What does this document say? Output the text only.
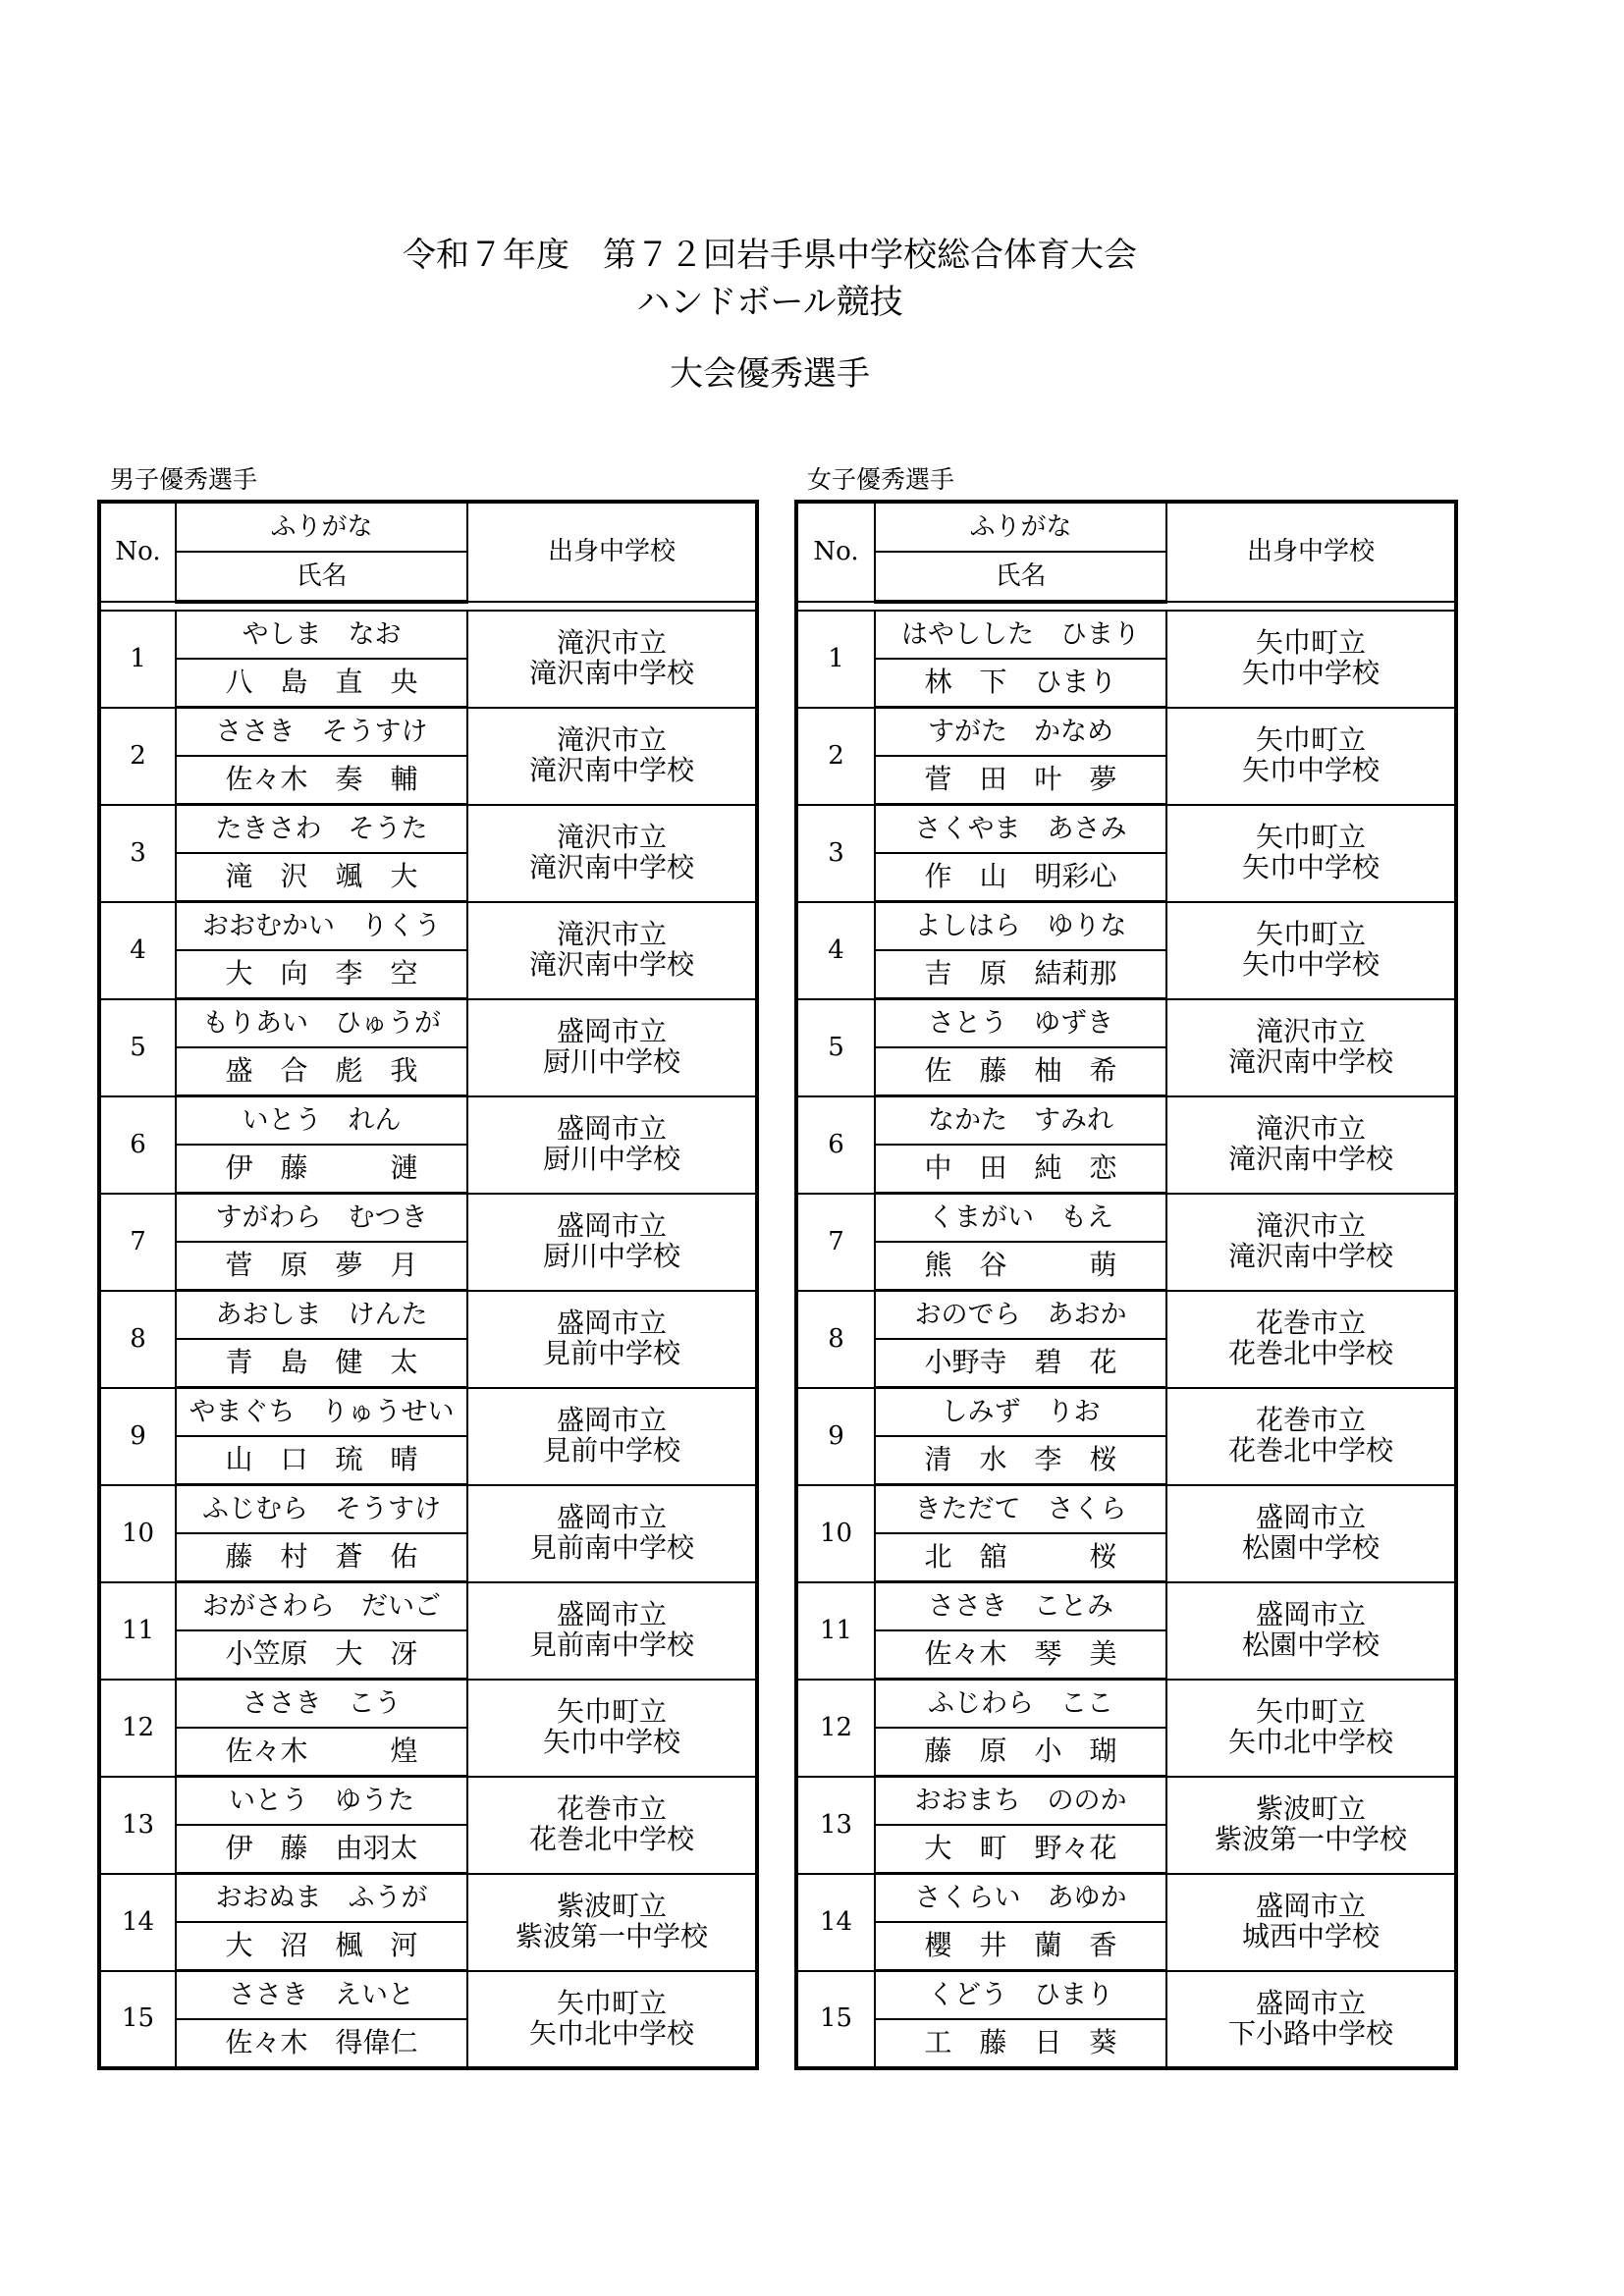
令和７年度　第７２回岩手県中学校総合体育大会
ハンドボール競技
大会優秀選手
男子優秀選手	女子優秀選手
No.	ふりがな	出身中学校
	氏名	

1	やしま　なお	滝沢市立
滝沢南中学校

	八　島　直　央	
2	ささき　そうすけ	滝沢市立
滝沢南中学校

	佐々木　奏　輔	
3	たきさわ　そうた	滝沢市立
滝沢南中学校

	滝　沢　颯　大	
4	おおむかい　りくう	滝沢市立
滝沢南中学校

	大　向　李　空	
5	もりあい　ひゅうが	盛岡市立
厨川中学校

	盛　合　彪　我	
6	いとう　れん	盛岡市立
厨川中学校

	伊　藤　　　漣	
7	すがわら　むつき	盛岡市立
厨川中学校

	菅　原　夢　月	
8	あおしま　けんた	盛岡市立
見前中学校

	青　島　健　太	
9	やまぐち　りゅうせい	盛岡市立
見前中学校

	山　口　琉　晴	
10	ふじむら　そうすけ	盛岡市立
見前南中学校

	藤　村　蒼　佑	
11	おがさわら　だいご	盛岡市立
見前南中学校

	小笠原　大　冴	
12	ささき　こう	矢巾町立
矢巾中学校

	佐々木　　　煌	
13	いとう　ゆうた	花巻市立
花巻北中学校

	伊　藤　由羽太	
14	おおぬま　ふうが	紫波町立
紫波第一中学校

	大　沼　楓　河	
15	ささき　えいと	矢巾町立
矢巾北中学校

	佐々木　得偉仁	
No.	ふりがな	出身中学校
	氏名	

1	はやしした　ひまり	矢巾町立
矢巾中学校

	林　下　ひまり	
2	すがた　かなめ	矢巾町立
矢巾中学校

	菅　田　叶　夢	
3	さくやま　あさみ	矢巾町立
矢巾中学校

	作　山　明彩心	
4	よしはら　ゆりな	矢巾町立
矢巾中学校

	吉　原　結莉那	
5	さとう　ゆずき	滝沢市立
滝沢南中学校

	佐　藤　柚　希	
6	なかた　すみれ	滝沢市立
滝沢南中学校

	中　田　純　恋	
7	くまがい　もえ	滝沢市立
滝沢南中学校

	熊　谷　　　萌	
8	おのでら　あおか	花巻市立
花巻北中学校

	小野寺　碧　花	
9	しみず　りお	花巻市立
花巻北中学校

	清　水　李　桜	
10	きただて　さくら	盛岡市立
松園中学校

	北　舘　　　桜	
11	ささき　ことみ	盛岡市立
松園中学校

	佐々木　琴　美	
12	ふじわら　ここ	矢巾町立
矢巾北中学校

	藤　原　小　瑚	
13	おおまち　ののか	紫波町立
紫波第一中学校

	大　町　野々花	
14	さくらい　あゆか	盛岡市立
城西中学校

	櫻　井　蘭　香	
15	くどう　ひまり	盛岡市立
下小路中学校

	工　藤　日　葵	
